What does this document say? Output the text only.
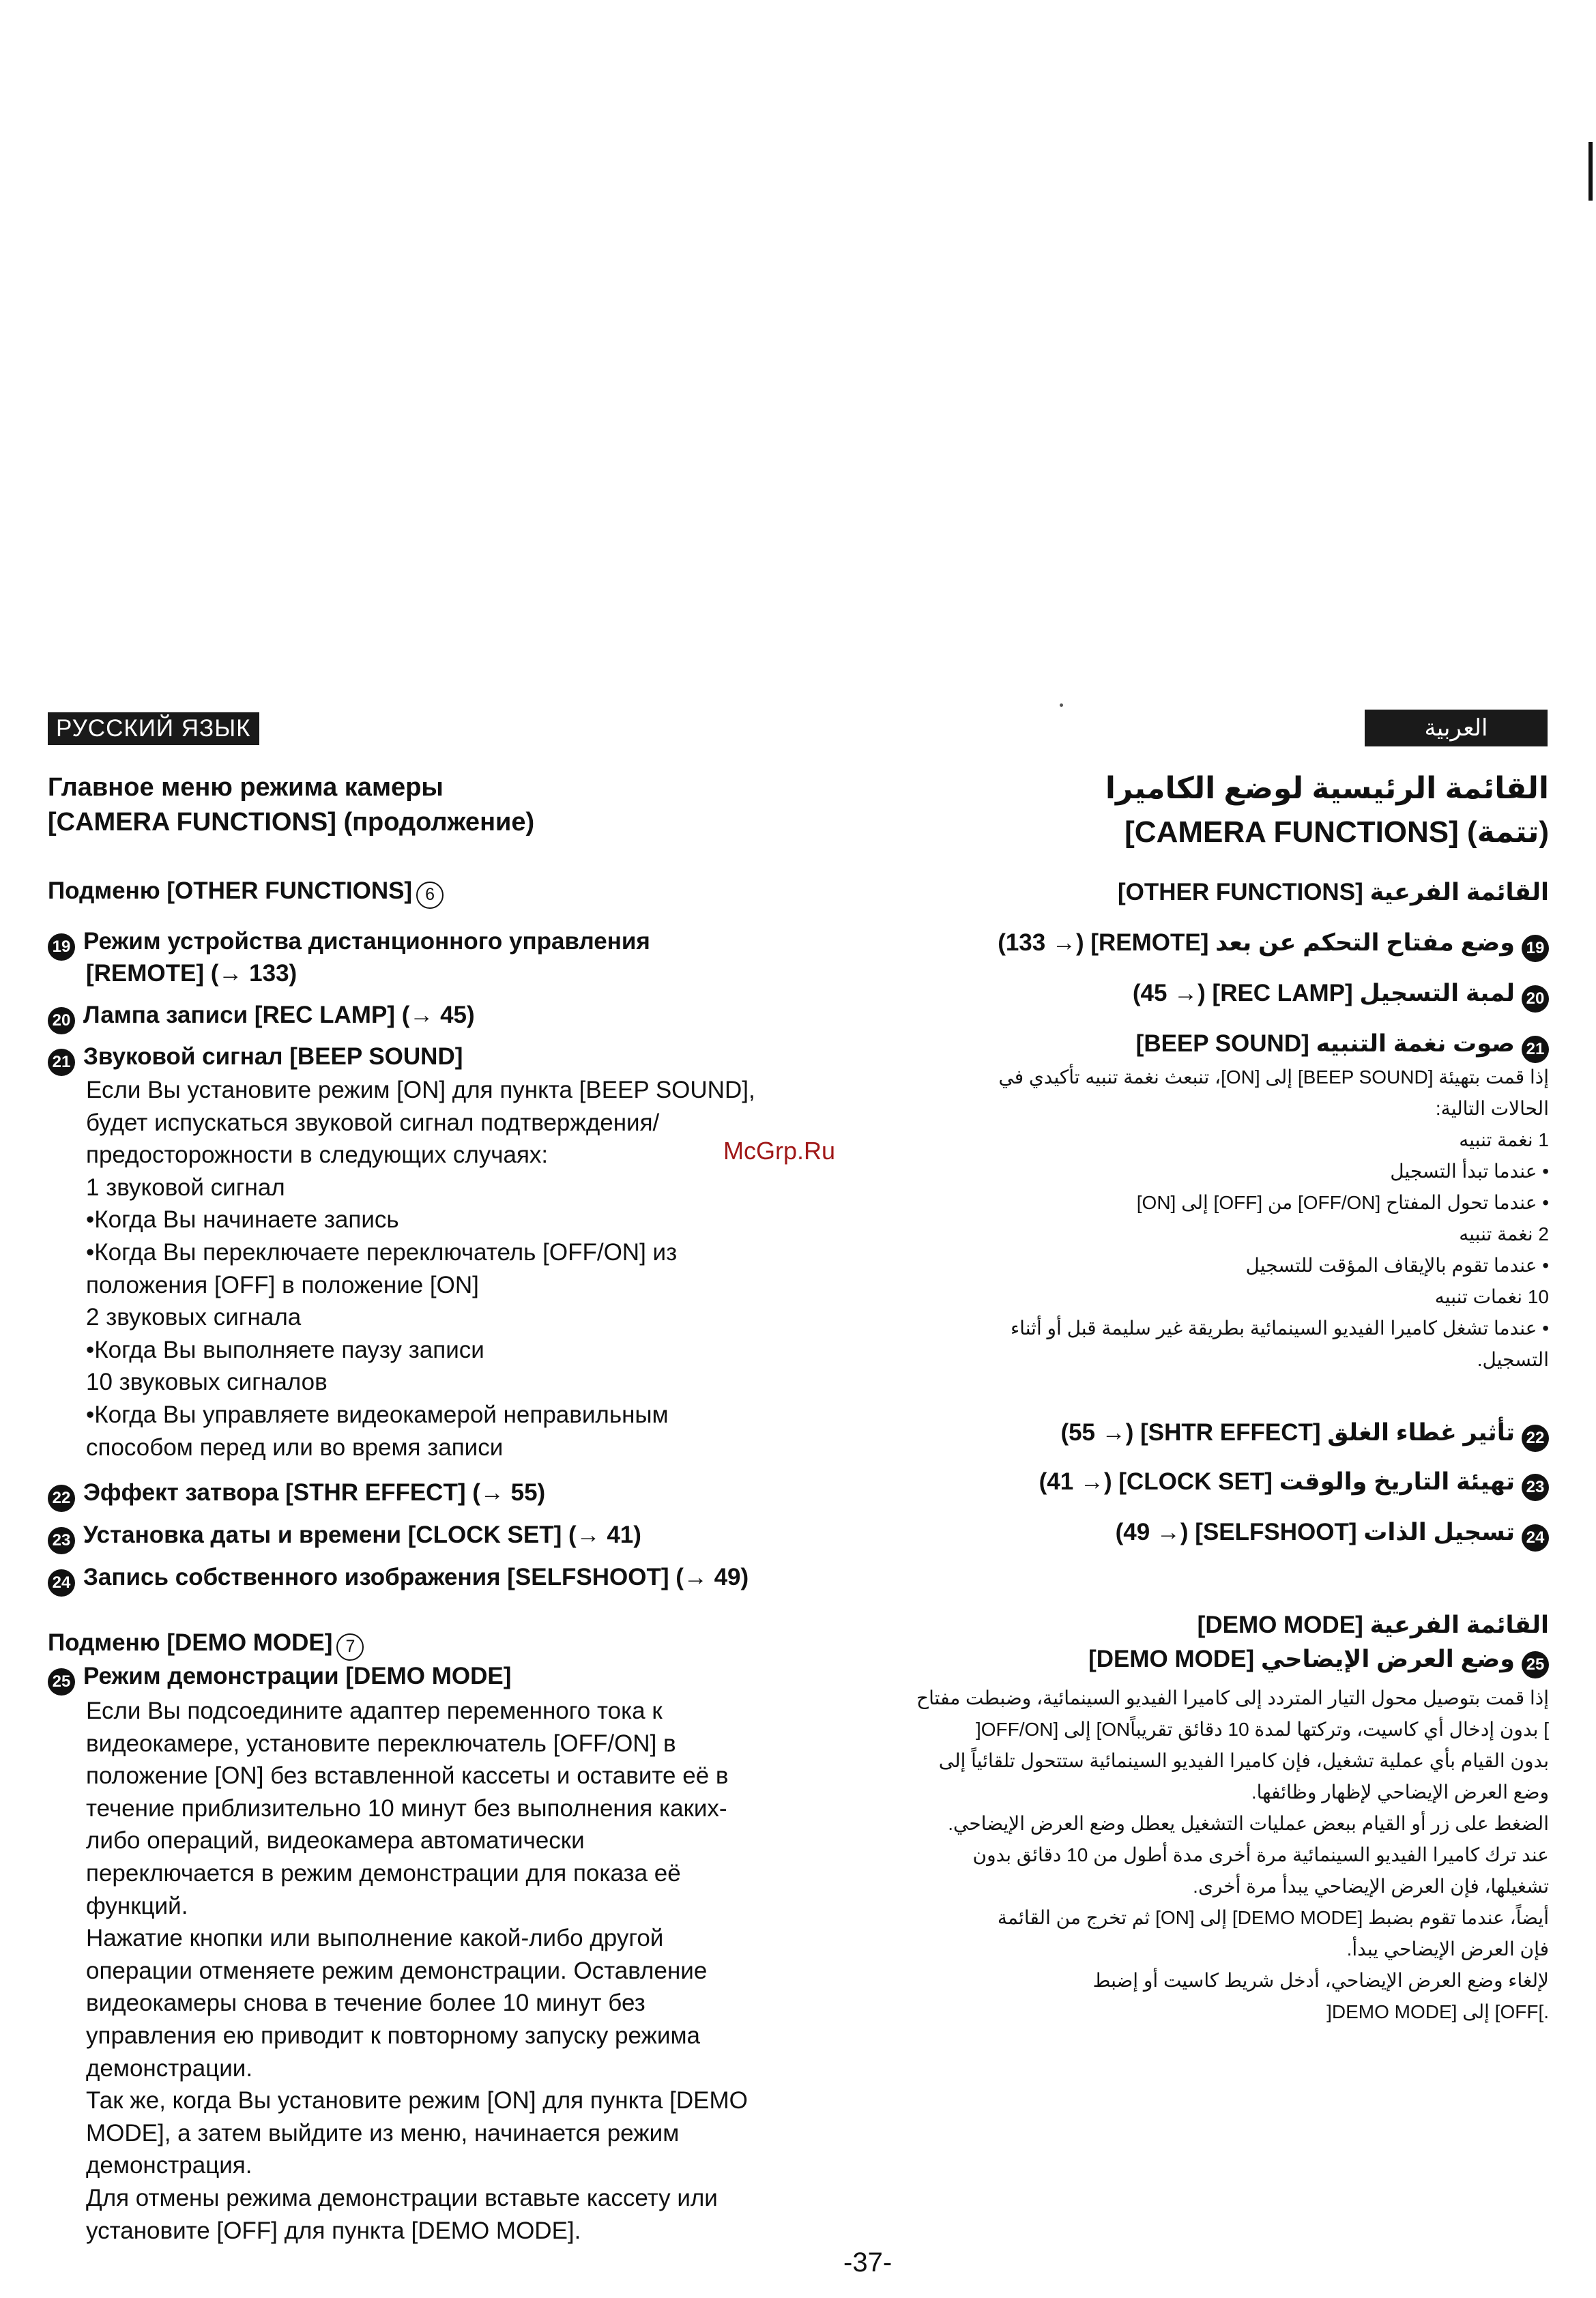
РУССКИЙ ЯЗЫК	العربية
Главное меню режима камеры
[CAMERA FUNCTIONS] (продолжение)
Подменю [OTHER FUNCTIONS] 6
19 Режим устройства дистанционного управления
[REMOTE] (→ 133)
20 Лампа записи [REC LAMP] (→ 45)
21 Звуковой сигнал [BEEP SOUND]
Если Вы установите режим [ON] для пункта [BEEP SOUND],
будет испускаться звуковой сигнал подтверждения/
предосторожности в следующих случаях:
1 звуковой сигнал
•Когда Вы начинаете запись
•Когда Вы переключаете переключатель [OFF/ON] из
положения [OFF] в положение [ON]
2 звуковых сигнала
•Когда Вы выполняете паузу записи
10 звуковых сигналов
•Когда Вы управляете видеокамерой неправильным
способом перед или во время записи
22 Эффект затвора [STHR EFFECT] (→ 55)
23 Установка даты и времени [CLOCK SET] (→ 41)
24 Запись собственного изображения [SELFSHOOT] (→ 49)
Подменю [DEMO MODE] 7
25 Режим демонстрации [DEMO MODE]
Если Вы подсоедините адаптер переменного тока к
видеокамере, установите переключатель [OFF/ON] в
положение [ON] без вставленной кассеты и оставите её в
течение приблизительно 10 минут без выполнения каких-
либо операций, видеокамера автоматически
переключается в режим демонстрации для показа её
функций.
Нажатие кнопки или выполнение какой-либо другой
операции отменяете режим демонстрации. Оставление
видеокамеры снова в течение более 10 минут без
управления ею приводит к повторному запуску режима
демонстрации.
Так же, когда Вы установите режим [ON] для пункта [DEMO
MODE], а затем выйдите из меню, начинается режим
демонстрация.
Для отмены режима демонстрации вставьте кассету или
установите [OFF] для пункта [DEMO MODE].
McGrp.Ru
القائمة الرئيسية لوضع الكاميرا
[CAMERA FUNCTIONS] (تتمة)
القائمة الفرعية [OTHER FUNCTIONS]
19وضع مفتاح التحكم عن بعد [REMOTE] (→ 133)
20لمبة التسجيل [REC LAMP] (→ 45)
21صوت نغمة التنبيه [BEEP SOUND]
إذا قمت بتهيئة [BEEP SOUND] إلى [ON]، تنبعث نغمة تنبيه تأكيدي في
الحالات التالية:
1 نغمة تنبيه
• عندما تبدأ التسجيل
• عندما تحول المفتاح [OFF/ON] من [OFF] إلى [ON]
2 نغمة تنبيه
• عندما تقوم بالإيقاف المؤقت للتسجيل
10 نغمات تنبيه
• عندما تشغل كاميرا الفيديو السينمائية بطريقة غير سليمة قبل أو أثناء
التسجيل.
22تأثير غطاء الغلق [SHTR EFFECT] (→ 55)
23تهيئة التاريخ والوقت [CLOCK SET] (→ 41)
24تسجيل الذات [SELFSHOOT] (→ 49)
القائمة الفرعية [DEMO MODE]
25وضع العرض الإيضاحي [DEMO MODE]
إذا قمت بتوصيل محول التيار المتردد إلى كاميرا الفيديو السينمائية، وضبطت مفتاح
[OFF/ON] إلى [ON] بدون إدخال أي كاسيت، وتركتها لمدة 10 دقائق تقريباً
بدون القيام بأي عملية تشغيل، فإن كاميرا الفيديو السينمائية ستتحول تلقائياً إلى
وضع العرض الإيضاحي لإظهار وظائفها.
الضغط على زر أو القيام ببعض عمليات التشغيل يعطل وضع العرض الإيضاحي.
عند ترك كاميرا الفيديو السينمائية مرة أخرى مدة أطول من 10 دقائق بدون
تشغيلها، فإن العرض الإيضاحي يبدأ مرة أخرى.
أيضاً، عندما تقوم بضبط [DEMO MODE] إلى [ON] ثم تخرج من القائمة
فإن العرض الإيضاحي يبدأ.
لإلغاء وضع العرض الإيضاحي، أدخل شريط كاسيت أو إضبط
[DEMO MODE] إلى [OFF].
-37-
